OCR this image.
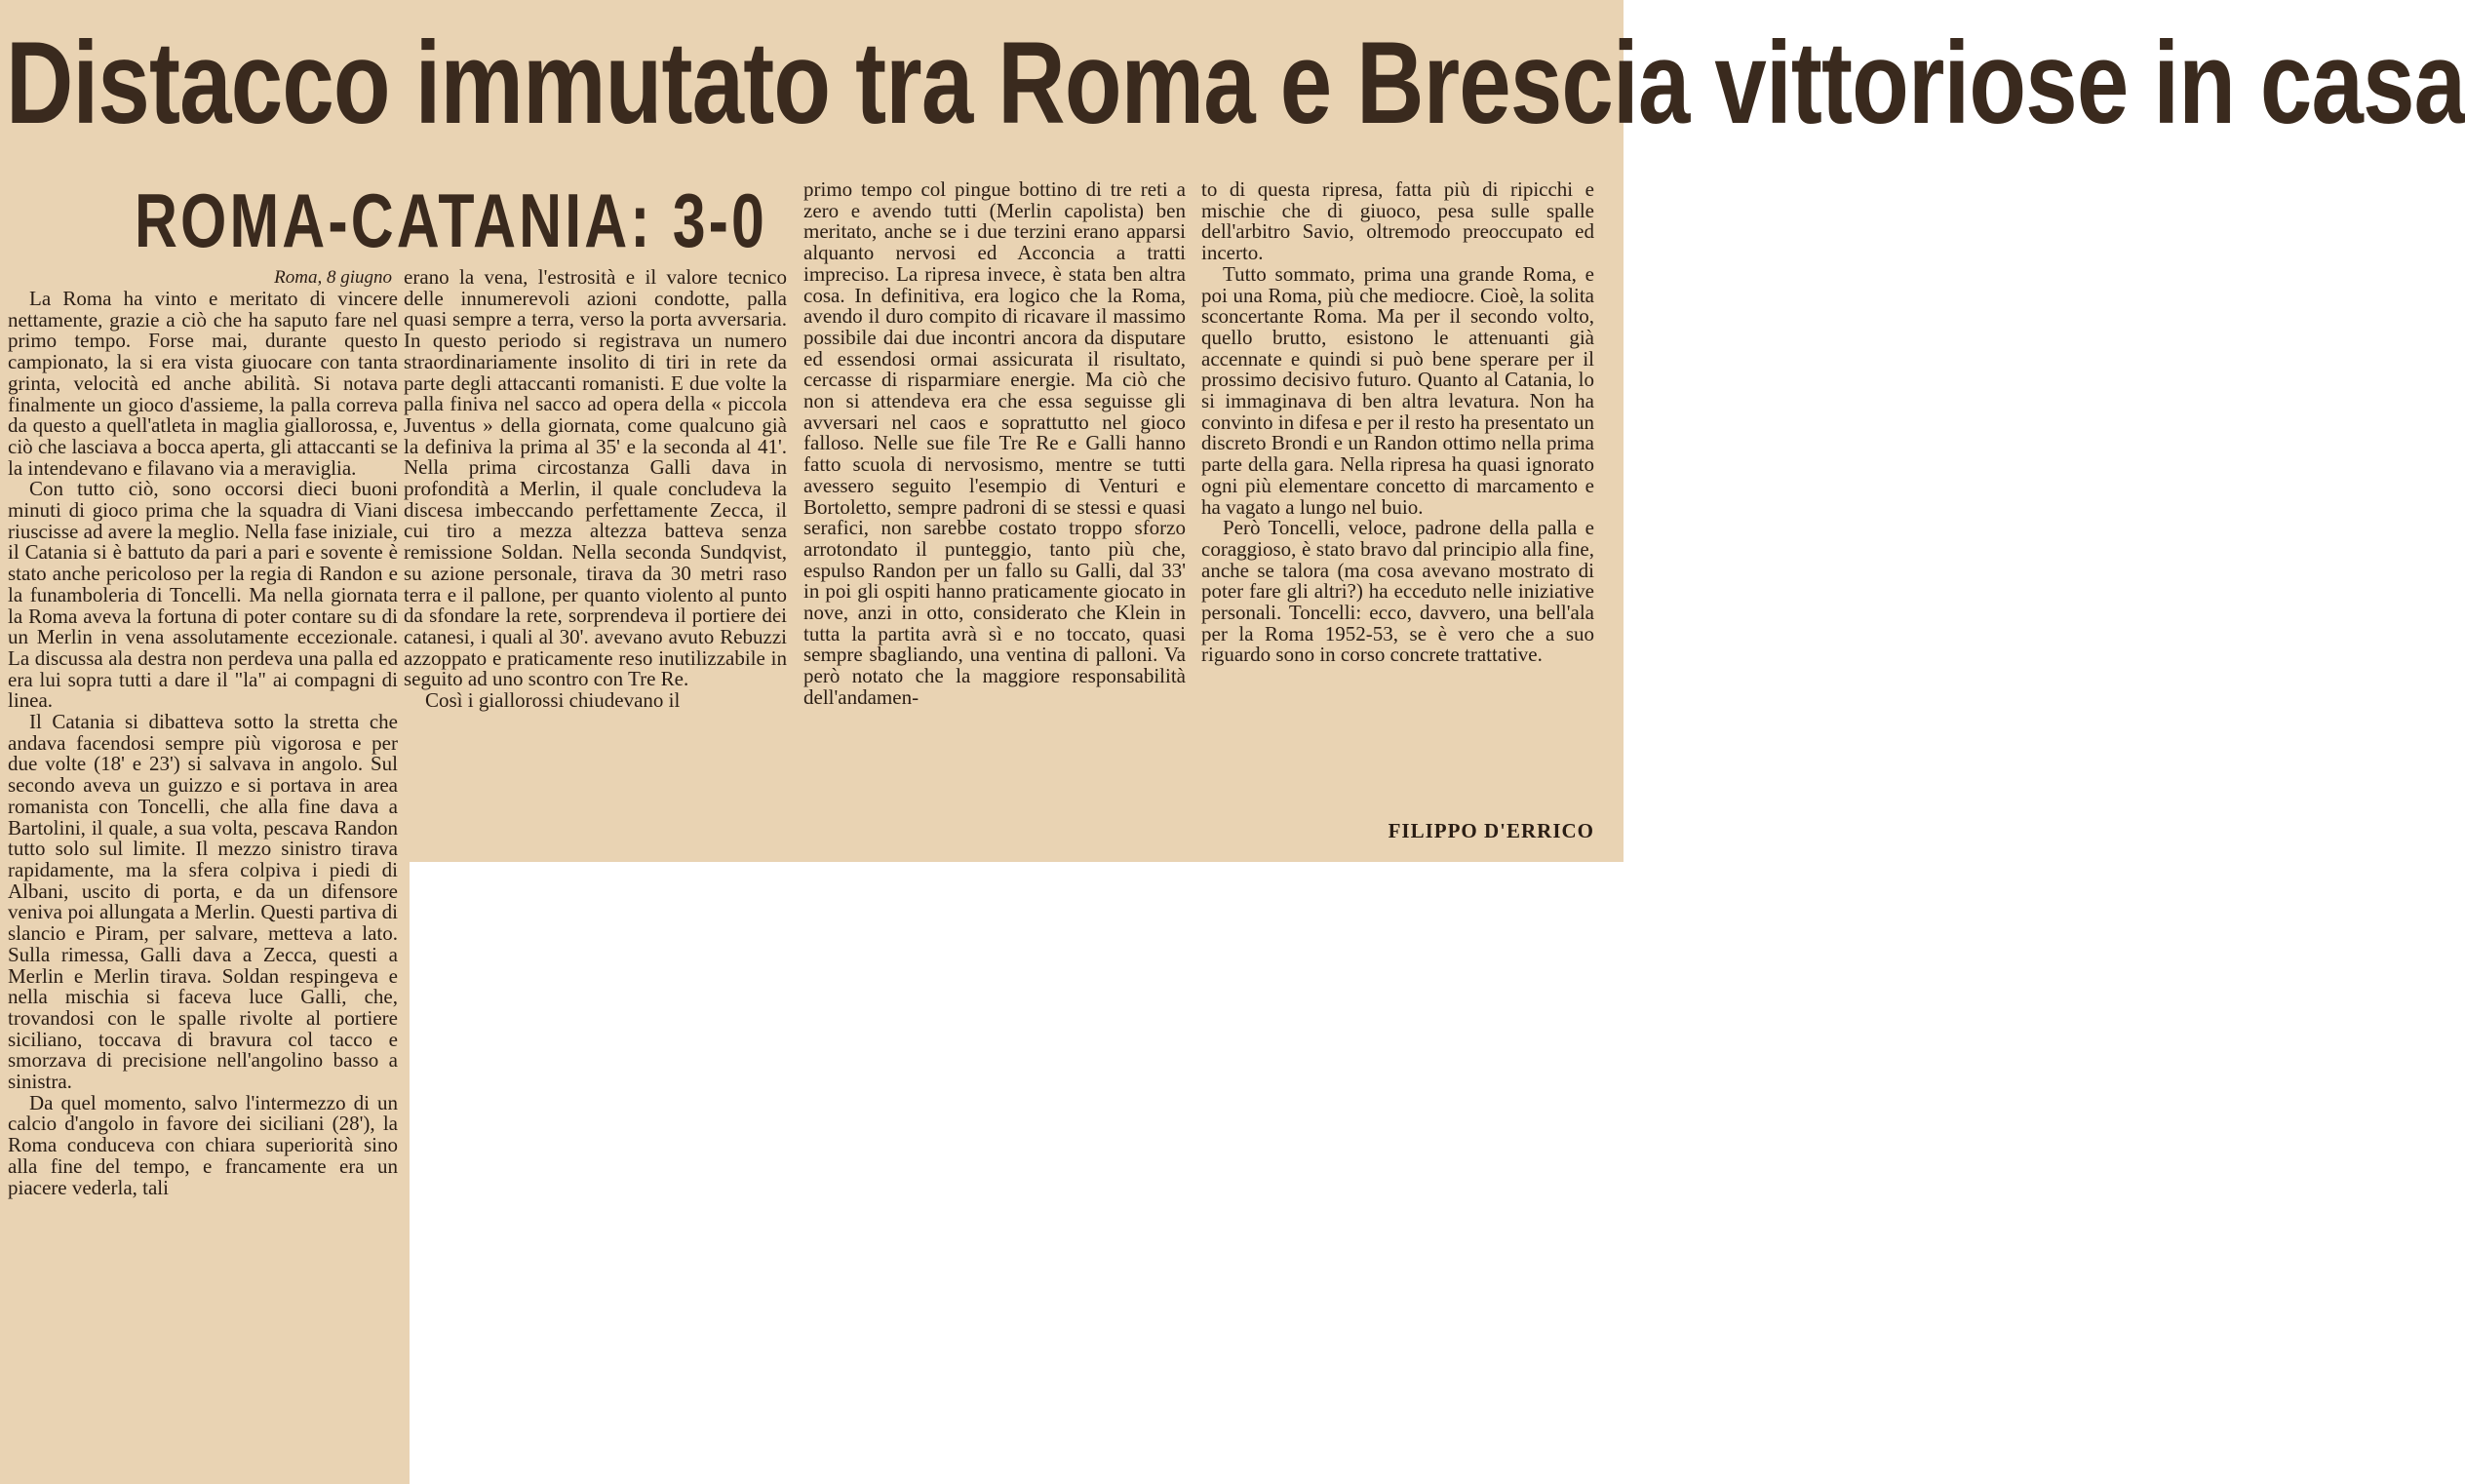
Distacco immutato tra Roma e Brescia vittoriose in casa
ROMA-CATANIA: 3-0
Roma, 8 giugno

La Roma ha vinto e meritato di vincere nettamente, grazie a ciò che ha saputo fare nel primo tempo. Forse mai, durante questo campionato, la si era vista giuocare con tanta grinta, velocità ed anche abilità. Si notava finalmente un gioco d'assieme, la palla correva da questo a quell'atleta in maglia giallorossa, e, ciò che lasciava a bocca aperta, gli attaccanti se la intendevano e filavano via a meraviglia.

Con tutto ciò, sono occorsi dieci buoni minuti di gioco prima che la squadra di Viani riuscisse ad avere la meglio. Nella fase iniziale, il Catania si è battuto da pari a pari e sovente è stato anche pericoloso per la regia di Randon e la funamboleria di Toncelli. Ma nella giornata la Roma aveva la fortuna di poter contare su di un Merlin in vena assolutamente eccezionale. La discussa ala destra non perdeva una palla ed era lui sopra tutti a dare il "la" ai compagni di linea.

Il Catania si dibatteva sotto la stretta che andava facendosi sempre più vigorosa e per due volte (18' e 23') si salvava in angolo. Sul secondo aveva un guizzo e si portava in area romanista con Toncelli, che alla fine dava a Bartolini, il quale, a sua volta, pescava Randon tutto solo sul limite. Il mezzo sinistro tirava rapidamente, ma la sfera colpiva i piedi di Albani, uscito di porta, e da un difensore veniva poi allungata a Merlin. Questi partiva di slancio e Piram, per salvare, metteva a lato. Sulla rimessa, Galli dava a Zecca, questi a Merlin e Merlin tirava. Soldan respingeva e nella mischia si faceva luce Galli, che, trovandosi con le spalle rivolte al portiere siciliano, toccava di bravura col tacco e smorzava di precisione nell'angolino basso a sinistra.

Da quel momento, salvo l'intermezzo di un calcio d'angolo in favore dei siciliani (28'), la Roma conduceva con chiara superiorità sino alla fine del tempo, e francamente era un piacere vederla, tali

erano la vena, l'estrosità e il valore tecnico delle innumerevoli azioni condotte, palla quasi sempre a terra, verso la porta avversaria. In questo periodo si registrava un numero straordinariamente insolito di tiri in rete da parte degli attaccanti romanisti. E due volte la palla finiva nel sacco ad opera della « piccola Juventus » della giornata, come qualcuno già la definiva la prima al 35' e la seconda al 41'. Nella prima circostanza Galli dava in profondità a Merlin, il quale concludeva la discesa imbeccando perfettamente Zecca, il cui tiro a mezza altezza batteva senza remissione Soldan. Nella seconda Sundqvist, su azione personale, tirava da 30 metri raso terra e il pallone, per quanto violento al punto da sfondare la rete, sorprendeva il portiere dei catanesi, i quali al 30'. avevano avuto Rebuzzi azzoppato e praticamente reso inutilizzabile in seguito ad uno scontro con Tre Re.

Così i giallorossi chiudevano il

primo tempo col pingue bottino di tre reti a zero e avendo tutti (Merlin capolista) ben meritato, anche se i due terzini erano apparsi alquanto nervosi ed Acconcia a tratti impreciso. La ripresa invece, è stata ben altra cosa. In definitiva, era logico che la Roma, avendo il duro compito di ricavare il massimo possibile dai due incontri ancora da disputare ed essendosi ormai assicurata il risultato, cercasse di risparmiare energie. Ma ciò che non si attendeva era che essa seguisse gli avversari nel caos e soprattutto nel gioco falloso. Nelle sue file Tre Re e Galli hanno fatto scuola di nervosismo, mentre se tutti avessero seguito l'esempio di Venturi e Bortoletto, sempre padroni di se stessi e quasi serafici, non sarebbe costato troppo sforzo arrotondato il punteggio, tanto più che, espulso Randon per un fallo su Galli, dal 33' in poi gli ospiti hanno praticamente giocato in nove, anzi in otto, considerato che Klein in tutta la partita avrà sì e no toccato, quasi sempre sbagliando, una ventina di palloni. Va però notato che la maggiore responsabilità dell'andamen-

to di questa ripresa, fatta più di ripicchi e mischie che di giuoco, pesa sulle spalle dell'arbitro Savio, oltremodo preoccupato ed incerto.

Tutto sommato, prima una grande Roma, e poi una Roma, più che mediocre. Cioè, la solita sconcertante Roma. Ma per il secondo volto, quello brutto, esistono le attenuanti già accennate e quindi si può bene sperare per il prossimo decisivo futuro. Quanto al Catania, lo si immaginava di ben altra levatura. Non ha convinto in difesa e per il resto ha presentato un discreto Brondi e un Randon ottimo nella prima parte della gara. Nella ripresa ha quasi ignorato ogni più elementare concetto di marcamento e ha vagato a lungo nel buio.

Però Toncelli, veloce, padrone della palla e coraggioso, è stato bravo dal principio alla fine, anche se talora (ma cosa avevano mostrato di poter fare gli altri?) ha ecceduto nelle iniziative personali. Toncelli: ecco, davvero, una bell'ala per la Roma 1952-53, se è vero che a suo riguardo sono in corso concrete trattative.

FILIPPO D'ERRICO
